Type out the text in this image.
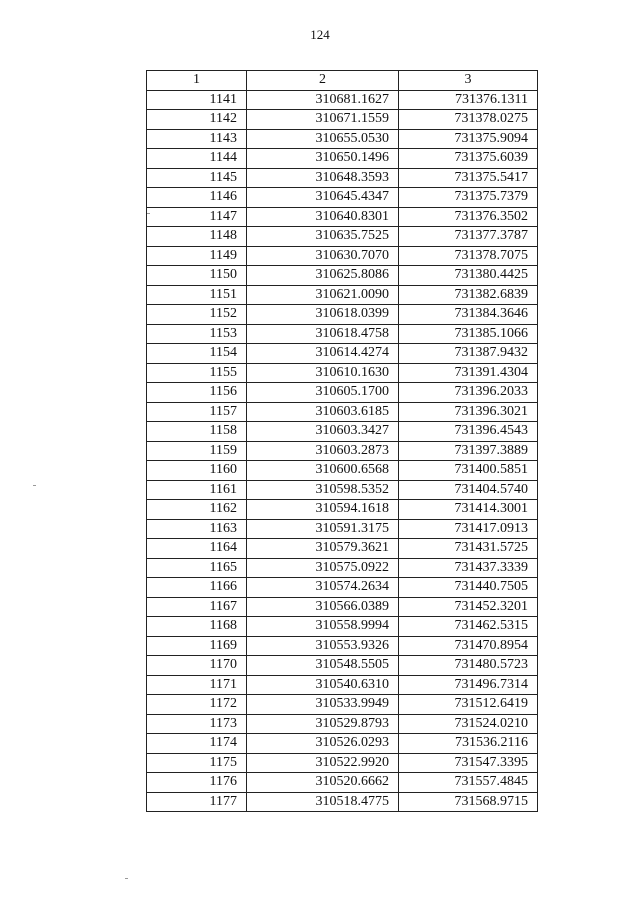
124
1	2	3
1141	310681.1627	731376.1311
1142	310671.1559	731378.0275
1143	310655.0530	731375.9094
1144	310650.1496	731375.6039
1145	310648.3593	731375.5417
1146	310645.4347	731375.7379
1147	310640.8301	731376.3502
1148	310635.7525	731377.3787
1149	310630.7070	731378.7075
1150	310625.8086	731380.4425
1151	310621.0090	731382.6839
1152	310618.0399	731384.3646
1153	310618.4758	731385.1066
1154	310614.4274	731387.9432
1155	310610.1630	731391.4304
1156	310605.1700	731396.2033
1157	310603.6185	731396.3021
1158	310603.3427	731396.4543
1159	310603.2873	731397.3889
1160	310600.6568	731400.5851
1161	310598.5352	731404.5740
1162	310594.1618	731414.3001
1163	310591.3175	731417.0913
1164	310579.3621	731431.5725
1165	310575.0922	731437.3339
1166	310574.2634	731440.7505
1167	310566.0389	731452.3201
1168	310558.9994	731462.5315
1169	310553.9326	731470.8954
1170	310548.5505	731480.5723
1171	310540.6310	731496.7314
1172	310533.9949	731512.6419
1173	310529.8793	731524.0210
1174	310526.0293	731536.2116
1175	310522.9920	731547.3395
1176	310520.6662	731557.4845
1177	310518.4775	731568.9715
